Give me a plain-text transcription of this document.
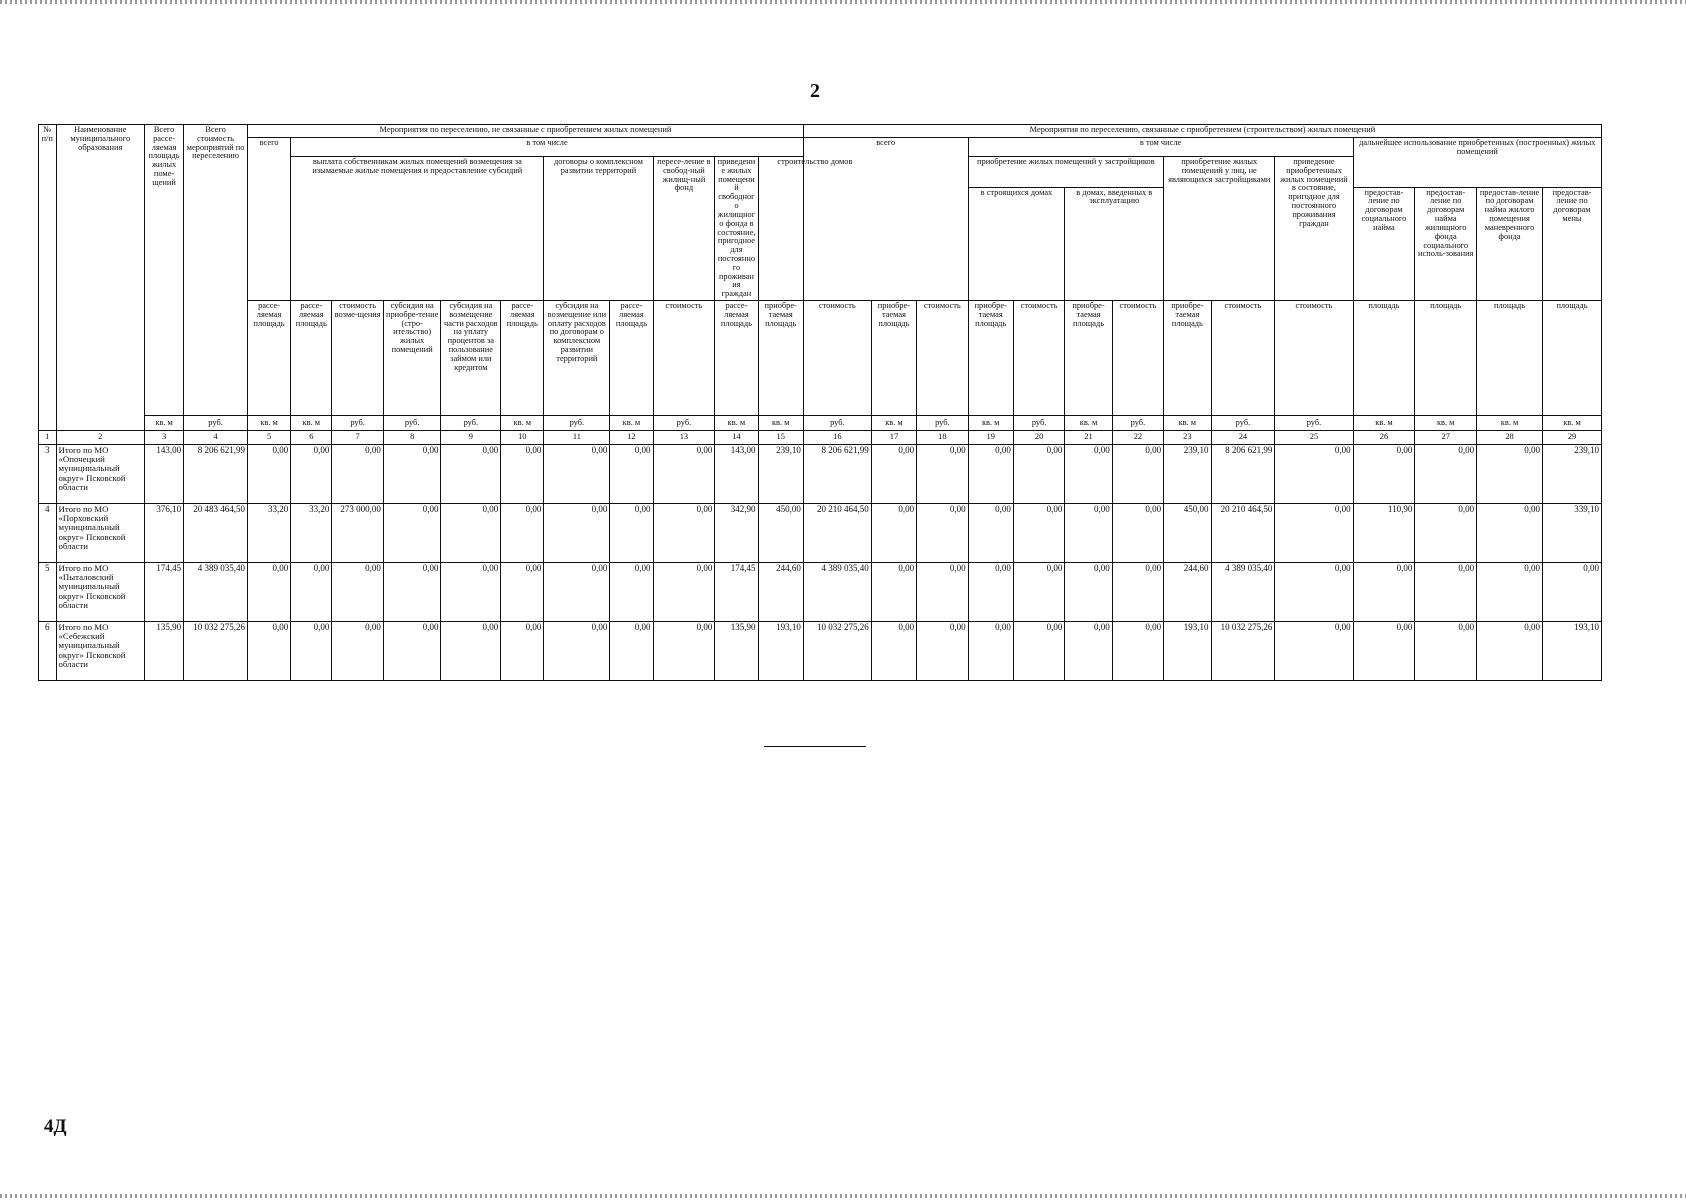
2
№ п/п	Наименование муниципального образования	Всего рассе-ляемая площадь жилых поме-щений	Всего стоимость мероприятий по переселению	Мероприятия по переселению, не связанные с приобретением жилых помещений											Мероприятия по переселению, связанные с приобретением (строительством) жилых помещений													
				всего	в том числе										всего			в том числе							дальнейшее использование приобретенных (построенных) жилых помещений			
					выплата собственникам жилых помещений возмещения за изымаемые жилые помещения и предоставление субсидий					договоры о комплексном развитии территорий		пересе-ление в свобод-ный жилищ-ный фонд	приведение жилых помещений свободного жилищного фонда в состояние, пригодное для постоянного проживания граждан	строительство домов				приобретение жилых помещений у застройщиков				приобретение жилых помещений у лиц, не являющихся застройщиками		приведение приобретенных жилых помещений в состояние, пригодное для постоянного проживания граждан				
																		в строящихся домах		в домах, введенных в эксплуатацию					предостав-ление по договорам социального найма	предостав-ление по договорам найма жилищного фонда социального исполь-зования	предостав-ление по договорам найма жилого помещения маневренного фонда	предостав-ление по договорам мены
				рассе-ляемая площадь	рассе-ляемая площадь	стоимость возме-щения	субсидия на приобре-тение (стро-ительство) жилых помещений	субсидия на возмещение части расходов на уплату процентов за пользование займом или кредитом	рассе-ляемая площадь	субсидия на возмещение или оплату расходов по договорам о комплексном развитии территорий	рассе-ляемая площадь	стоимость	рассе-ляемая площадь	приобре-таемая площадь	стоимость	приобре-таемая площадь	стоимость	приобре-таемая площадь	стоимость	приобре-таемая площадь	стоимость	приобре-таемая площадь	стоимость	стоимость	площадь	площадь	площадь	площадь
		кв. м	руб.	кв. м	кв. м	руб.	руб.	руб.	кв. м	руб.	кв. м	руб.	кв. м	кв. м	руб.	кв. м	руб.	кв. м	руб.	кв. м	руб.	кв. м	руб.	руб.	кв. м	кв. м	кв. м	кв. м
1	2	3	4	5	6	7	8	9	10	11	12	13	14	15	16	17	18	19	20	21	22	23	24	25	26	27	28	29
3	Итого по МО «Опочецкий муниципальный округ» Псковской области	143,00	8 206 621,99	0,00	0,00	0,00	0,00	0,00	0,00	0,00	0,00	0,00	143,00	239,10	8 206 621,99	0,00	0,00	0,00	0,00	0,00	0,00	239,10	8 206 621,99	0,00	0,00	0,00	0,00	239,10
4	Итого по МО «Порховский муниципальный округ» Псковской области	376,10	20 483 464,50	33,20	33,20	273 000,00	0,00	0,00	0,00	0,00	0,00	0,00	342,90	450,00	20 210 464,50	0,00	0,00	0,00	0,00	0,00	0,00	450,00	20 210 464,50	0,00	110,90	0,00	0,00	339,10
5	Итого по МО «Пыталовский муниципальный округ» Псковской области	174,45	4 389 035,40	0,00	0,00	0,00	0,00	0,00	0,00	0,00	0,00	0,00	174,45	244,60	4 389 035,40	0,00	0,00	0,00	0,00	0,00	0,00	244,60	4 389 035,40	0,00	0,00	0,00	0,00	0,00
6	Итого по МО «Себежский муниципальный округ» Псковской области	135,90	10 032 275,26	0,00	0,00	0,00	0,00	0,00	0,00	0,00	0,00	0,00	135,90	193,10	10 032 275,26	0,00	0,00	0,00	0,00	0,00	0,00	193,10	10 032 275,26	0,00	0,00	0,00	0,00	193,10
4Д
